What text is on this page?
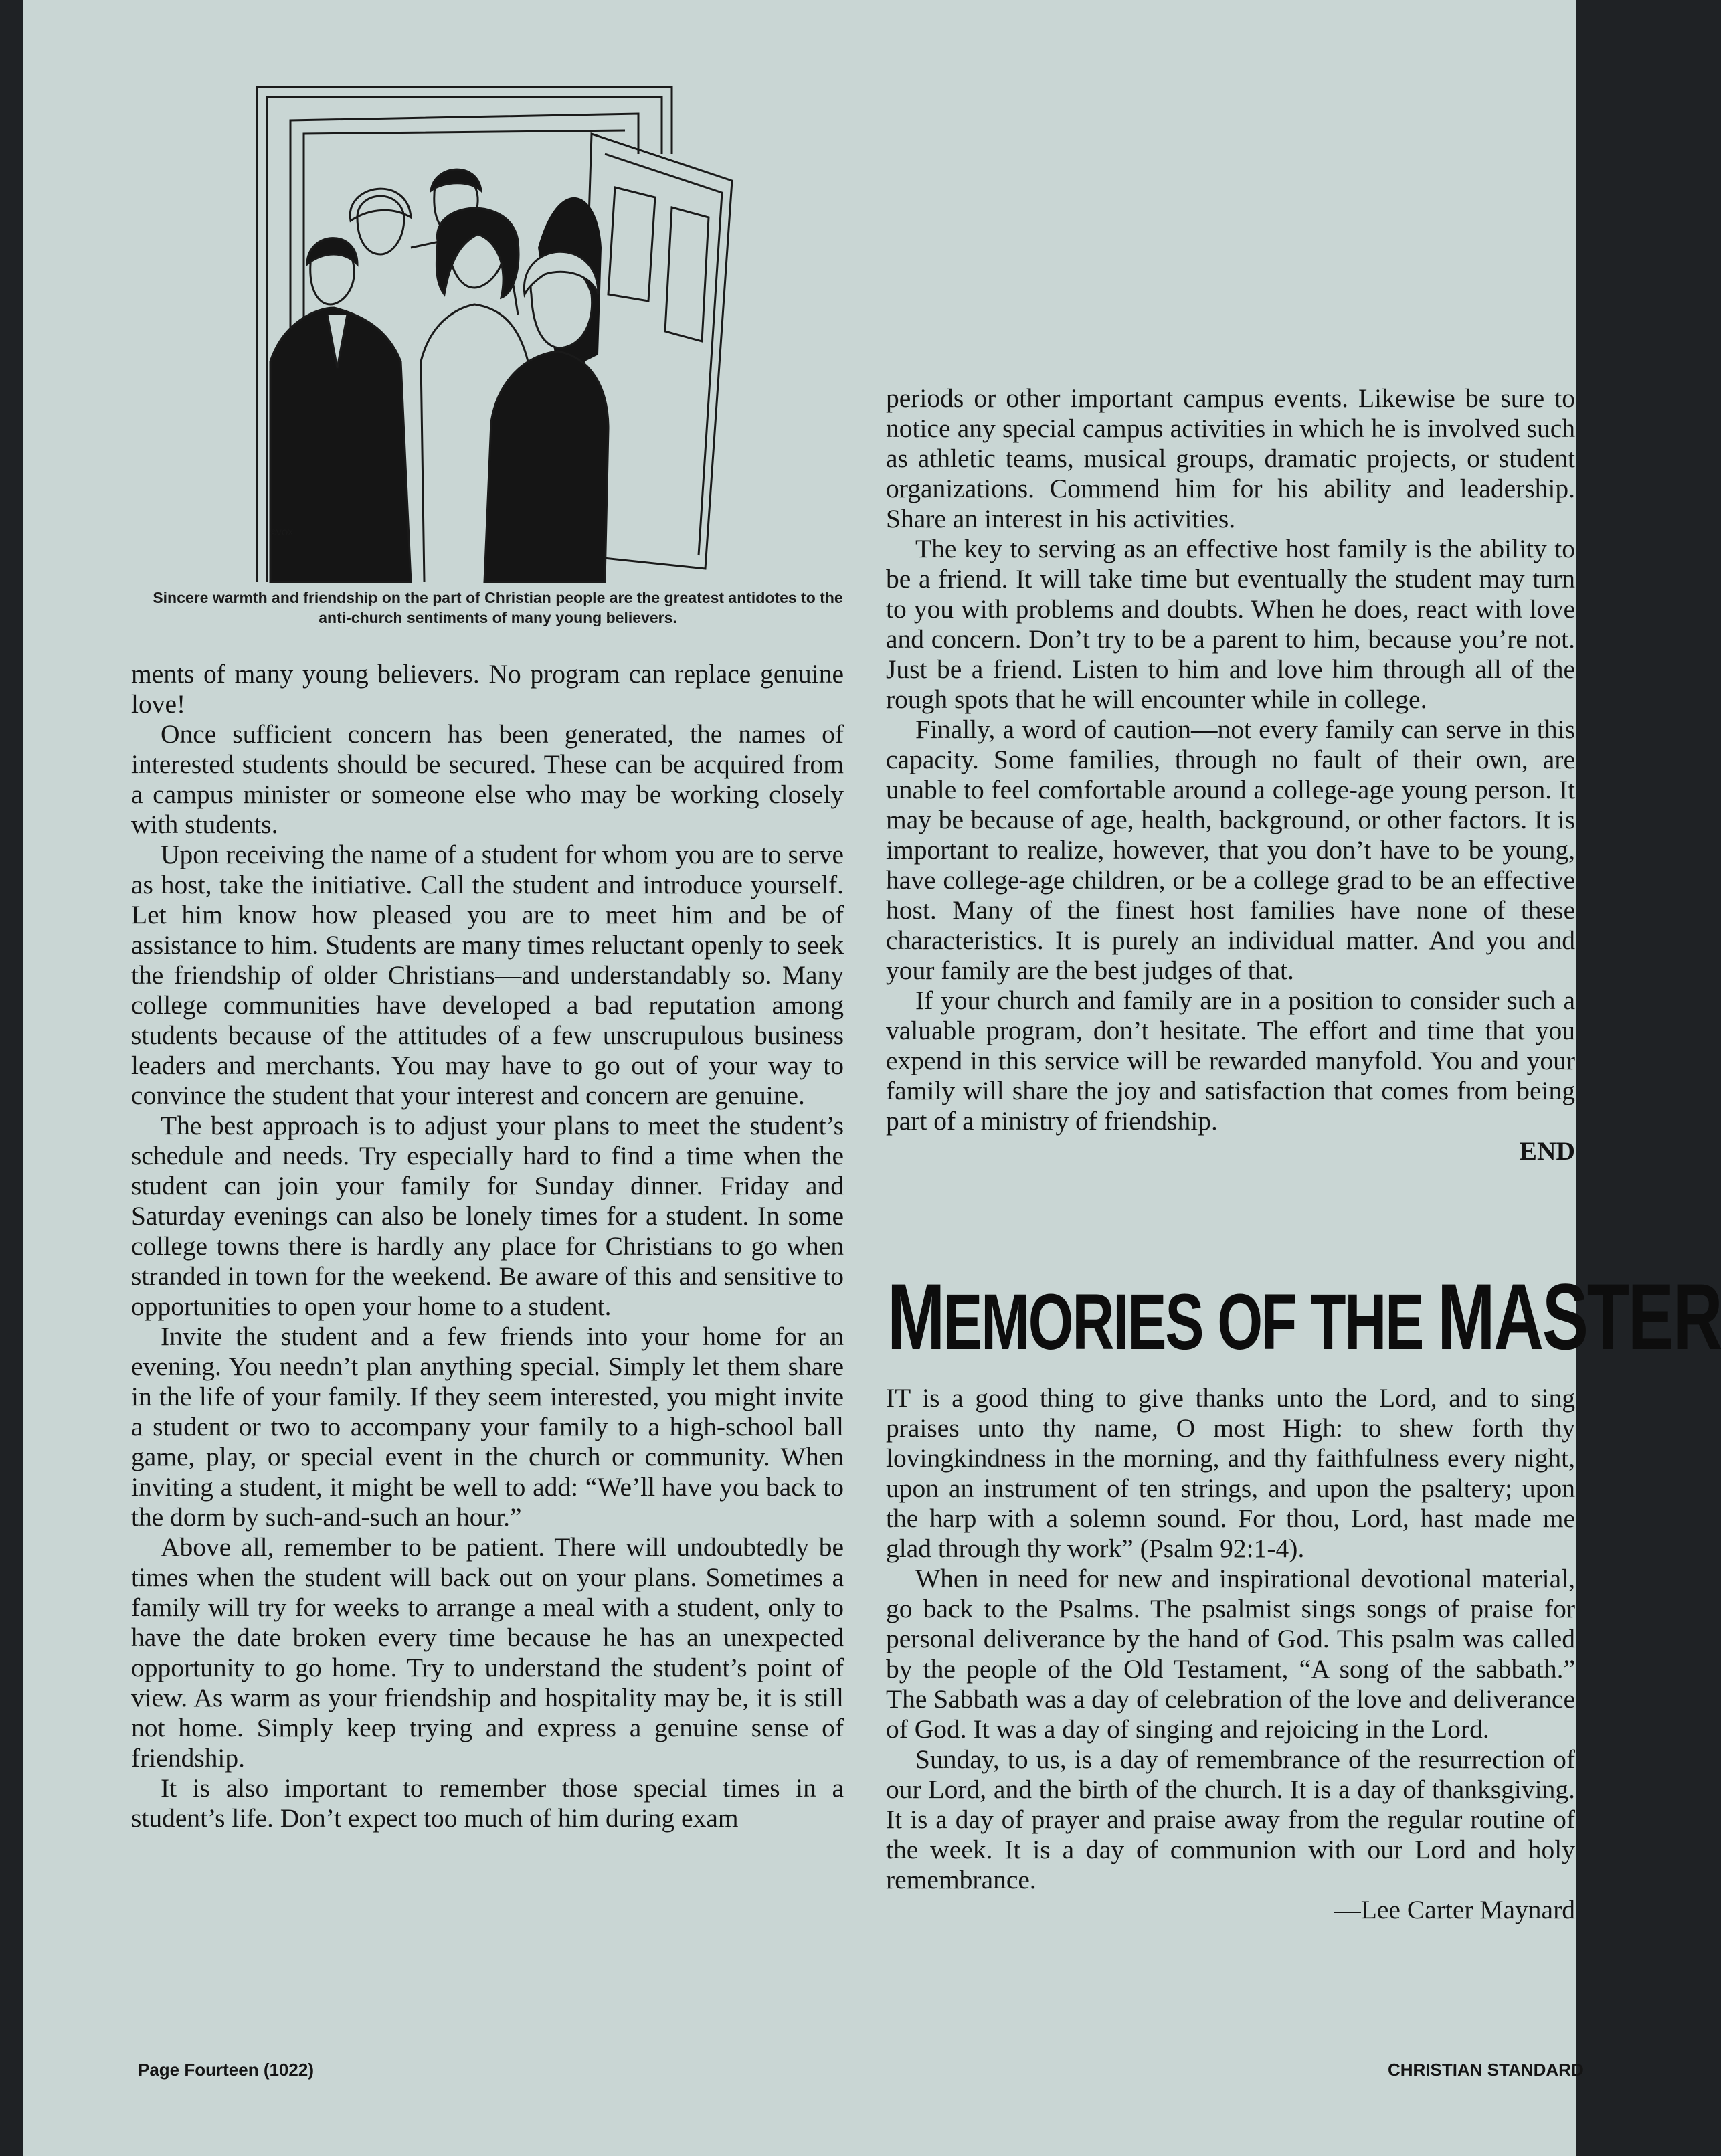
©VOX
Sincere warmth and friendship on the part of Christian people are the greatest antidotes to the anti-church sentiments of many young believers.

ments of many young believers. No program can replace genuine love!

Once sufficient concern has been generated, the names of interested students should be secured. These can be acquired from a campus minister or someone else who may be working closely with students.

Upon receiving the name of a student for whom you are to serve as host, take the initiative. Call the student and introduce yourself. Let him know how pleased you are to meet him and be of assistance to him. Students are many times reluctant openly to seek the friendship of older Christians—and understandably so. Many college communities have developed a bad reputation among students because of the attitudes of a few unscrupulous business leaders and merchants. You may have to go out of your way to convince the student that your interest and concern are genuine.

The best approach is to adjust your plans to meet the student’s schedule and needs. Try especially hard to find a time when the student can join your family for Sunday dinner. Friday and Saturday evenings can also be lonely times for a student. In some college towns there is hardly any place for Christians to go when stranded in town for the weekend. Be aware of this and sensitive to opportunities to open your home to a student.

Invite the student and a few friends into your home for an evening. You needn’t plan anything special. Simply let them share in the life of your family. If they seem interested, you might invite a student or two to accompany your family to a high-school ball game, play, or special event in the church or community. When inviting a student, it might be well to add: “We’ll have you back to the dorm by such-and-such an hour.”

Above all, remember to be patient. There will undoubtedly be times when the student will back out on your plans. Sometimes a family will try for weeks to arrange a meal with a student, only to have the date broken every time because he has an unexpected opportunity to go home. Try to understand the student’s point of view. As warm as your friendship and hospitality may be, it is still not home. Simply keep trying and express a genuine sense of friendship.

It is also important to remember those special times in a student’s life. Don’t expect too much of him during exam

periods or other important campus events. Likewise be sure to notice any special campus activities in which he is involved such as athletic teams, musical groups, dramatic projects, or student organizations. Commend him for his ability and leadership. Share an interest in his activities.

The key to serving as an effective host family is the ability to be a friend. It will take time but eventually the student may turn to you with problems and doubts. When he does, react with love and concern. Don’t try to be a parent to him, because you’re not. Just be a friend. Listen to him and love him through all of the rough spots that he will encounter while in college.

Finally, a word of caution—not every family can serve in this capacity. Some families, through no fault of their own, are unable to feel comfortable around a college-age young person. It may be because of age, health, background, or other factors. It is important to realize, however, that you don’t have to be young, have college-age children, or be a college grad to be an effective host. Many of the finest host families have none of these characteristics. It is purely an individual matter. And you and your family are the best judges of that.

If your church and family are in a position to consider such a valuable program, don’t hesitate. The effort and time that you expend in this service will be rewarded manyfold. You and your family will share the joy and satisfaction that comes from being part of a ministry of friendship.

END

MEMORIES OF THE MASTER

IT is a good thing to give thanks unto the Lord, and to sing praises unto thy name, O most High: to shew forth thy lovingkindness in the morning, and thy faithfulness every night, upon an instrument of ten strings, and upon the psaltery; upon the harp with a solemn sound. For thou, Lord, hast made me glad through thy work” (Psalm 92:1-4).

When in need for new and inspirational devotional material, go back to the Psalms. The psalmist sings songs of praise for personal deliverance by the hand of God. This psalm was called by the people of the Old Testament, “A song of the sabbath.” The Sabbath was a day of celebration of the love and deliverance of God. It was a day of singing and rejoicing in the Lord.

Sunday, to us, is a day of remembrance of the resurrection of our Lord, and the birth of the church. It is a day of thanksgiving. It is a day of prayer and praise away from the regular routine of the week. It is a day of communion with our Lord and holy remembrance.

—Lee Carter Maynard

Page Fourteen (1022)	CHRISTIAN STANDARD
